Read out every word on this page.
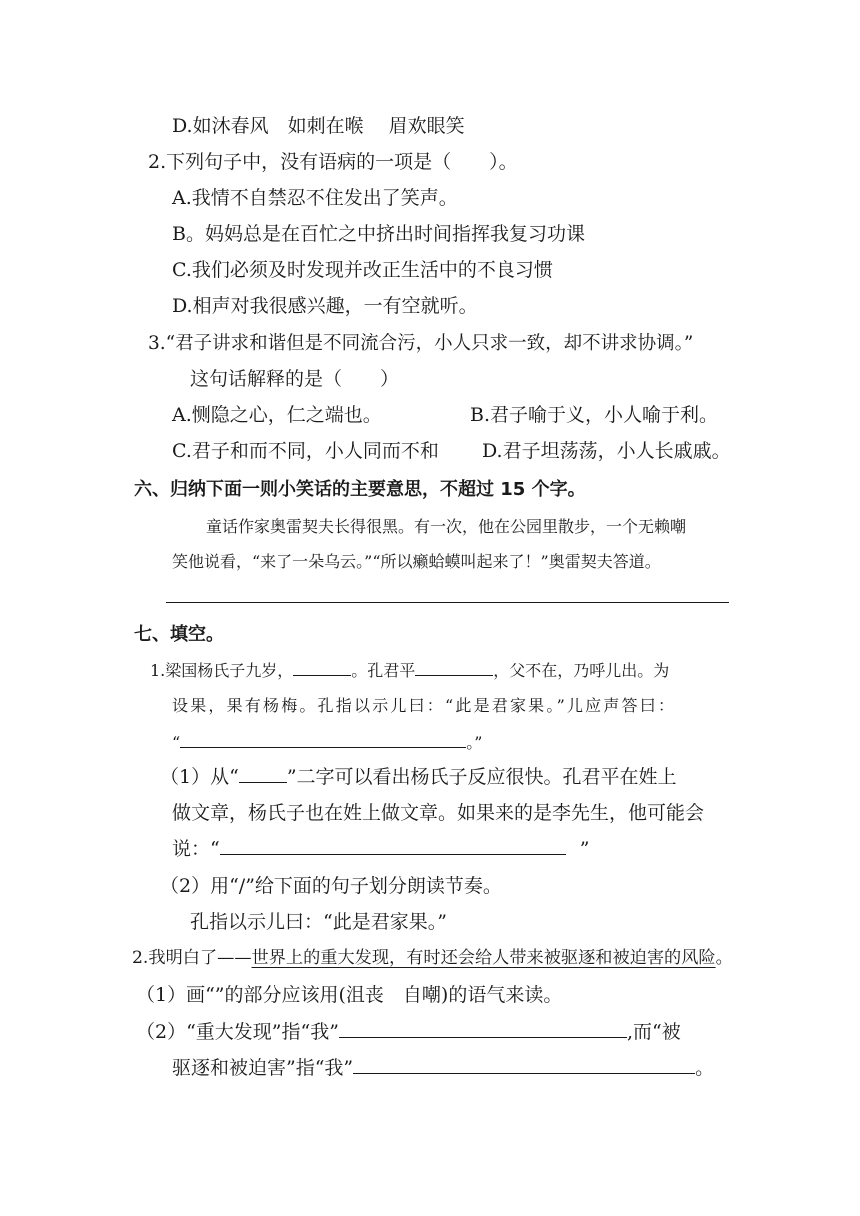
D.如沐春风　如刺在喉　 眉欢眼笑
2.下列句子中，没有语病的一项是（　　）。
A.我情不自禁忍不住发出了笑声。
B。妈妈总是在百忙之中挤出时间指挥我复习功课
C.我们必须及时发现并改正生活中的不良习惯
D.相声对我很感兴趣，一有空就听。
3.“君子讲求和谐但是不同流合污，小人只求一致，却不讲求协调。”
这句话解释的是（　　）
A.恻隐之心，仁之端也。	B.君子喻于义，小人喻于利。
C.君子和而不同，小人同而不和 D.君子坦荡荡，小人长戚戚。
六、归纳下面一则小笑话的主要意思，不超过 15 个字。
童话作家奥雷契夫长得很黑。有一次，他在公园里散步，一个无赖嘲
笑他说看，“来了一朵乌云。”“所以癞蛤蟆叫起来了！”奥雷契夫答道。
七、填空。
1.梁国杨氏子九岁，	。孔君平	，父不在，乃呼儿出。为
设果，果有杨梅。孔指以示儿曰：“此是君家果。”儿应声答曰：
“	。”
（1）从“	”二字可以看出杨氏子反应很快。孔君平在姓上
做文章，杨氏子也在姓上做文章。如果来的是李先生，他可能会
说：“	”
（2）用“/”给下面的句子划分朗读节奏。
孔指以示儿曰：“此是君家果。”
2.我明白了——世界上的重大发现，有时还会给人带来被驱逐和被迫害的风险。
（1）画“”的部分应该用(沮丧　自嘲)的语气来读。
（2）“重大发现”指“我”	,而“被
驱逐和被迫害”指“我”	。
